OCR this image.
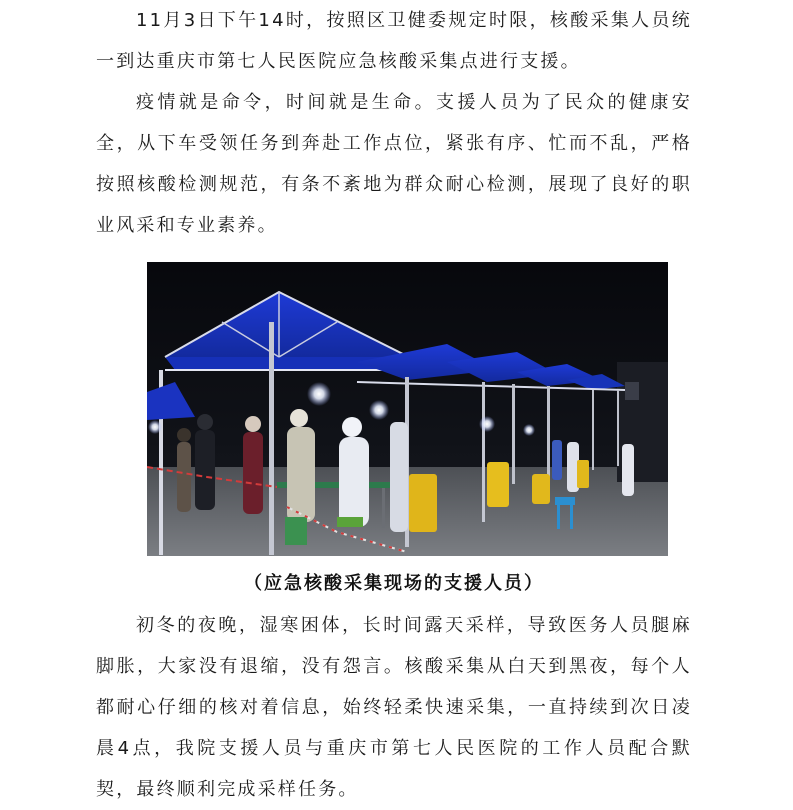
11月3日下午14时，按照区卫健委规定时限，核酸采集人员统一到达重庆市第七人民医院应急核酸采集点进行支援。

疫情就是命令，时间就是生命。支援人员为了民众的健康安全，从下车受领任务到奔赴工作点位，紧张有序、忙而不乱，严格按照核酸检测规范，有条不紊地为群众耐心检测，展现了良好的职业风采和专业素养。

（应急核酸采集现场的支援人员）

初冬的夜晚，湿寒困体，长时间露天采样，导致医务人员腿麻脚胀，大家没有退缩，没有怨言。核酸采集从白天到黑夜，每个人都耐心仔细的核对着信息，始终轻柔快速采集，一直持续到次日凌晨4点，我院支援人员与重庆市第七人民医院的工作人员配合默契，最终顺利完成采样任务。
